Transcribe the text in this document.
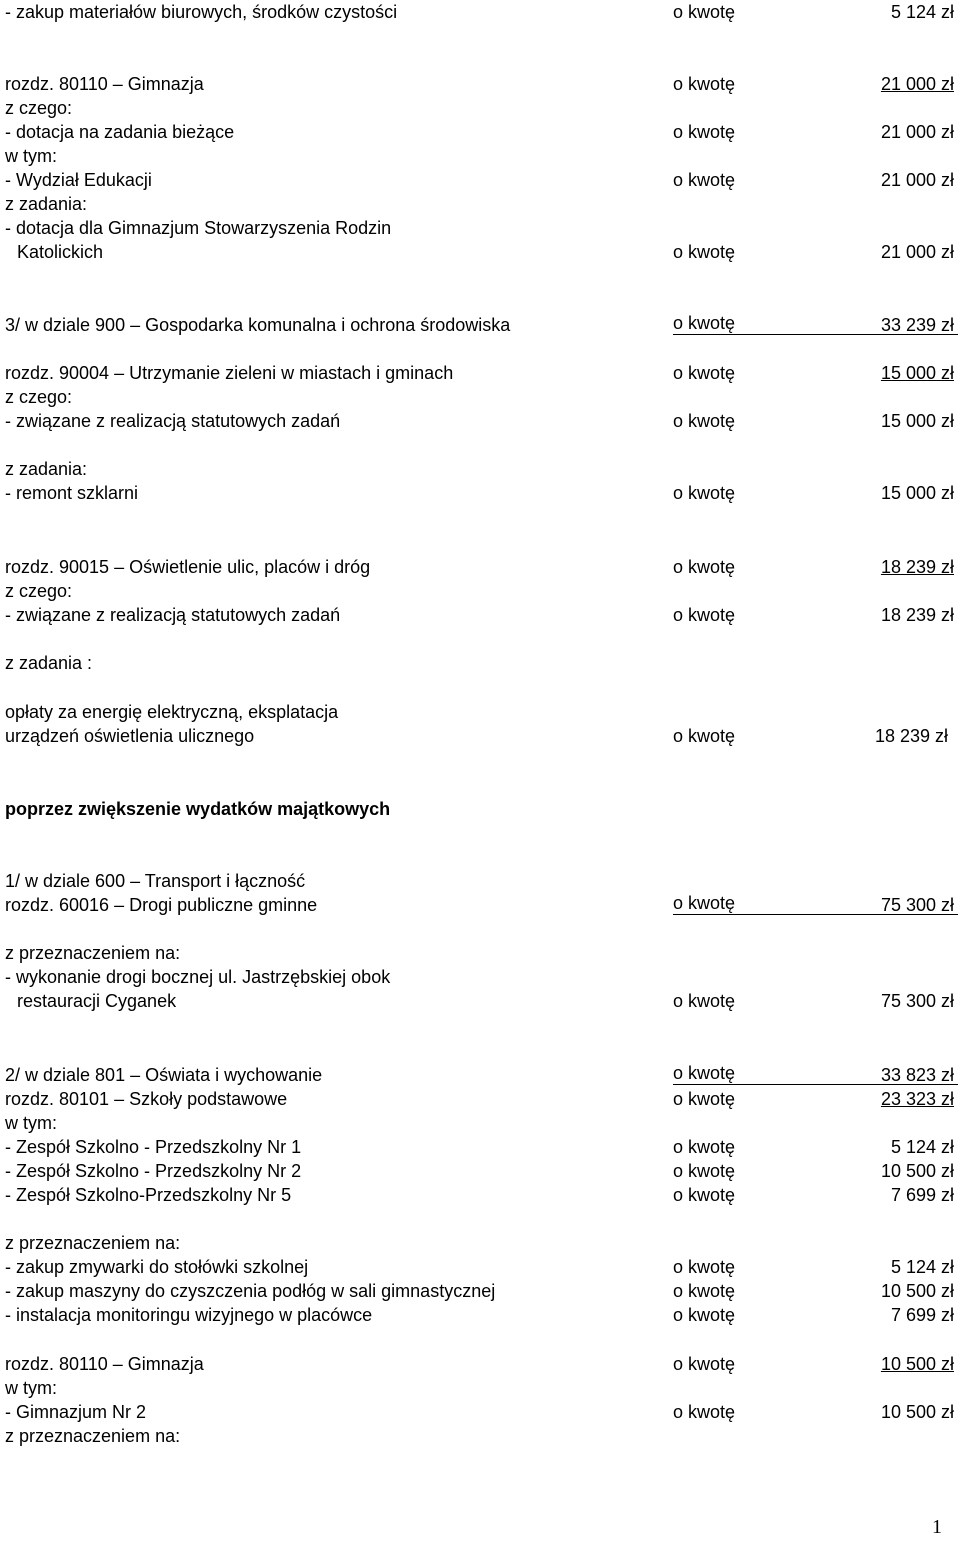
- zakup materiałów biurowych, środków czystości	o kwotę	5 124 zł
rozdz. 80110 – Gimnazja	o kwotę	21 000 zł
z czego:
- dotacja na zadania bieżące	o kwotę	21 000 zł
w tym:
- Wydział Edukacji	o kwotę	21 000 zł
z zadania:
- dotacja dla Gimnazjum Stowarzyszenia Rodzin
Katolickich	o kwotę	21 000 zł
3/ w dziale 900 – Gospodarka komunalna i ochrona środowiska	o kwotę	33 239 zł
rozdz. 90004 – Utrzymanie zieleni w miastach i gminach	o kwotę	15 000 zł
z czego:
- związane z realizacją statutowych zadań	o kwotę	15 000 zł
z zadania:
- remont szklarni	o kwotę	15 000 zł
rozdz. 90015 – Oświetlenie ulic, placów i dróg	o kwotę	18 239 zł
z czego:
- związane z realizacją statutowych zadań	o kwotę	18 239 zł
z zadania :
opłaty za energię elektryczną, eksplatacja
urządzeń oświetlenia ulicznego	o kwotę	18 239 zł
poprzez zwiększenie wydatków majątkowych
1/ w dziale 600 – Transport i łączność
rozdz. 60016 – Drogi publiczne gminne	o kwotę	75 300 zł
z przeznaczeniem na:
- wykonanie drogi bocznej ul. Jastrzębskiej obok
restauracji Cyganek	o kwotę	75 300 zł
2/ w dziale 801 – Oświata i wychowanie	o kwotę	33 823 zł
rozdz. 80101 – Szkoły podstawowe	o kwotę	23 323 zł
w tym:
- Zespół Szkolno - Przedszkolny Nr 1	o kwotę	5 124 zł
- Zespół Szkolno - Przedszkolny Nr 2	o kwotę	10 500 zł
- Zespół Szkolno-Przedszkolny Nr 5	o kwotę	7 699 zł
z przeznaczeniem na:
- zakup zmywarki do stołówki szkolnej	o kwotę	5 124 zł
- zakup maszyny do czyszczenia podłóg w sali gimnastycznej	o kwotę	10 500 zł
- instalacja monitoringu wizyjnego w placówce	o kwotę	7 699 zł
rozdz. 80110 – Gimnazja	o kwotę	10 500 zł
w tym:
- Gimnazjum Nr 2	o kwotę	10 500 zł
z przeznaczeniem na:
1
